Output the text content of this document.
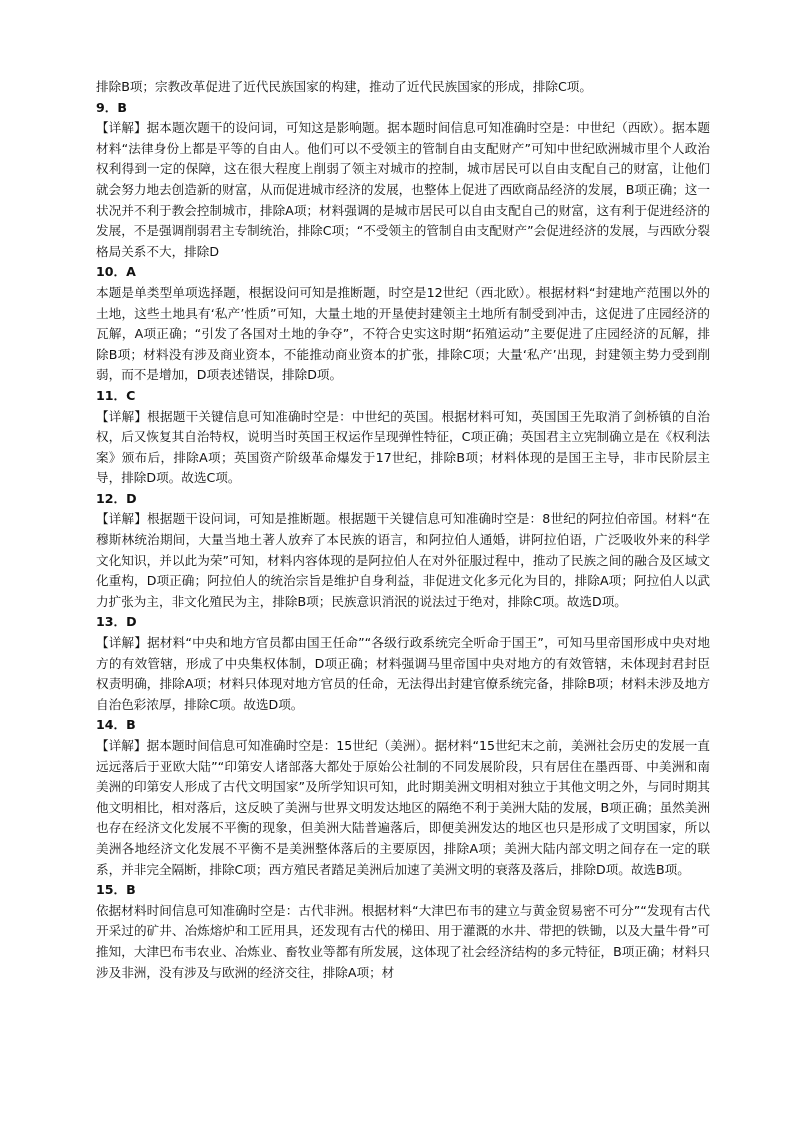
排除B项；宗教改革促进了近代民族国家的构建，推动了近代民族国家的形成，排除C项。

9．B

【详解】据本题次题干的设问词，可知这是影响题。据本题时间信息可知准确时空是：中世纪（西欧）。据本题材料“法律身份上都是平等的自由人。他们可以不受领主的管制自由支配财产”可知中世纪欧洲城市里个人政治权利得到一定的保障，这在很大程度上削弱了领主对城市的控制，城市居民可以自由支配自己的财富，让他们就会努力地去创造新的财富，从而促进城市经济的发展，也整体上促进了西欧商品经济的发展，B项正确；这一状况并不利于教会控制城市，排除A项；材料强调的是城市居民可以自由支配自己的财富，这有利于促进经济的发展，不是强调削弱君主专制统治，排除C项；“不受领主的管制自由支配财产”会促进经济的发展，与西欧分裂格局关系不大，排除D

10．A

本题是单类型单项选择题，根据设问可知是推断题，时空是12世纪（西北欧）。根据材料“封建地产范围以外的土地，这些土地具有‘私产’性质”可知，大量土地的开垦使封建领主土地所有制受到冲击，这促进了庄园经济的瓦解，A项正确；“引发了各国对土地的争夺”，不符合史实这时期“拓殖运动”主要促进了庄园经济的瓦解，排除B项；材料没有涉及商业资本，不能推动商业资本的扩张，排除C项；大量‘私产’出现，封建领主势力受到削弱，而不是增加，D项表述错误，排除D项。

11．C

【详解】根据题干关键信息可知准确时空是：中世纪的英国。根据材料可知，英国国王先取消了剑桥镇的自治权，后又恢复其自治特权，说明当时英国王权运作呈现弹性特征，C项正确；英国君主立宪制确立是在《权利法案》颁布后，排除A项；英国资产阶级革命爆发于17世纪，排除B项；材料体现的是国王主导，非市民阶层主导，排除D项。故选C项。

12．D

【详解】根据题干设问词，可知是推断题。根据题干关键信息可知准确时空是：8世纪的阿拉伯帝国。材料“在穆斯林统治期间，大量当地土著人放弃了本民族的语言，和阿拉伯人通婚，讲阿拉伯语，广泛吸收外来的科学文化知识，并以此为荣”可知，材料内容体现的是阿拉伯人在对外征服过程中，推动了民族之间的融合及区域文化重构，D项正确；阿拉伯人的统治宗旨是维护自身利益，非促进文化多元化为目的，排除A项；阿拉伯人以武力扩张为主，非文化殖民为主，排除B项；民族意识消泯的说法过于绝对，排除C项。故选D项。

13．D

【详解】据材料“中央和地方官员都由国王任命”“各级行政系统完全听命于国王”，可知马里帝国形成中央对地方的有效管辖，形成了中央集权体制，D项正确；材料强调马里帝国中央对地方的有效管辖，未体现封君封臣权责明确，排除A项；材料只体现对地方官员的任命，无法得出封建官僚系统完备，排除B项；材料未涉及地方自治色彩浓厚，排除C项。故选D项。

14．B

【详解】据本题时间信息可知准确时空是：15世纪（美洲）。据材料“15世纪末之前，美洲社会历史的发展一直远远落后于亚欧大陆”“印第安人诸部落大都处于原始公社制的不同发展阶段，只有居住在墨西哥、中美洲和南美洲的印第安人形成了古代文明国家”及所学知识可知，此时期美洲文明相对独立于其他文明之外，与同时期其他文明相比，相对落后，这反映了美洲与世界文明发达地区的隔绝不利于美洲大陆的发展，B项正确；虽然美洲也存在经济文化发展不平衡的现象，但美洲大陆普遍落后，即便美洲发达的地区也只是形成了文明国家，所以美洲各地经济文化发展不平衡不是美洲整体落后的主要原因，排除A项；美洲大陆内部文明之间存在一定的联系，并非完全隔断，排除C项；西方殖民者踏足美洲后加速了美洲文明的衰落及落后，排除D项。故选B项。

15．B

依据材料时间信息可知准确时空是：古代非洲。根据材料“大津巴布韦的建立与黄金贸易密不可分”“发现有古代开采过的矿井、冶炼熔炉和工匠用具，还发现有古代的梯田、用于灌溉的水井、带把的铁锄，以及大量牛骨”可推知，大津巴布韦农业、冶炼业、畜牧业等都有所发展，这体现了社会经济结构的多元特征，B项正确；材料只涉及非洲，没有涉及与欧洲的经济交往，排除A项；材
